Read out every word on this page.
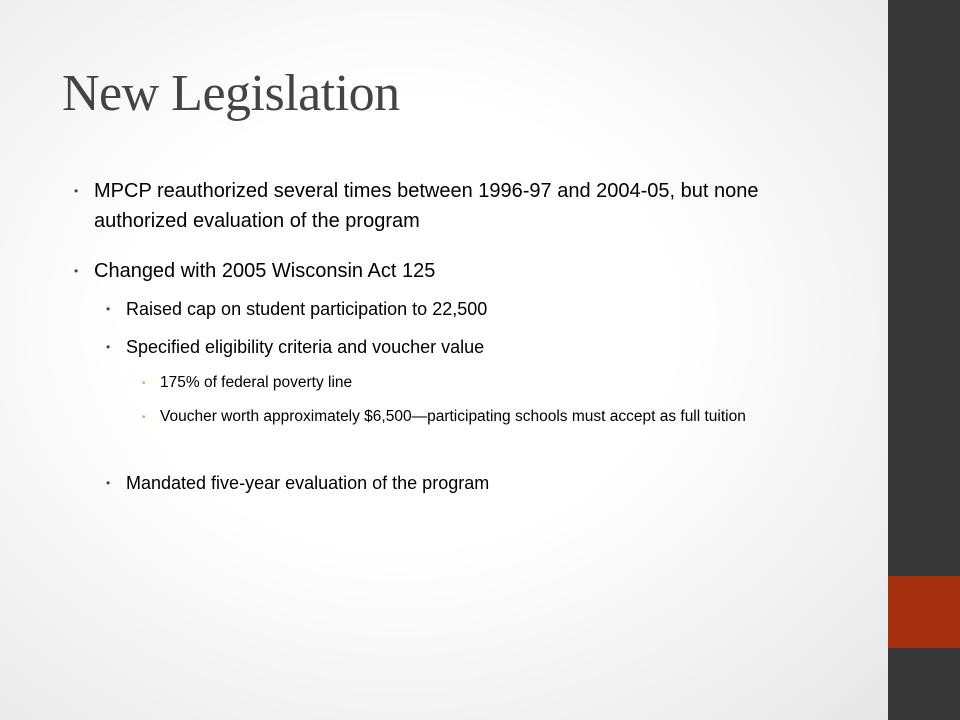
New Legislation
• MPCP reauthorized several times between 1996-97 and 2004-05, but none authorized evaluation of the program
• Changed with 2005 Wisconsin Act 125
• Raised cap on student participation to 22,500
• Specified eligibility criteria and voucher value
• 175% of federal poverty line
• Voucher worth approximately $6,500—participating schools must accept as full tuition
• Mandated five-year evaluation of the program
